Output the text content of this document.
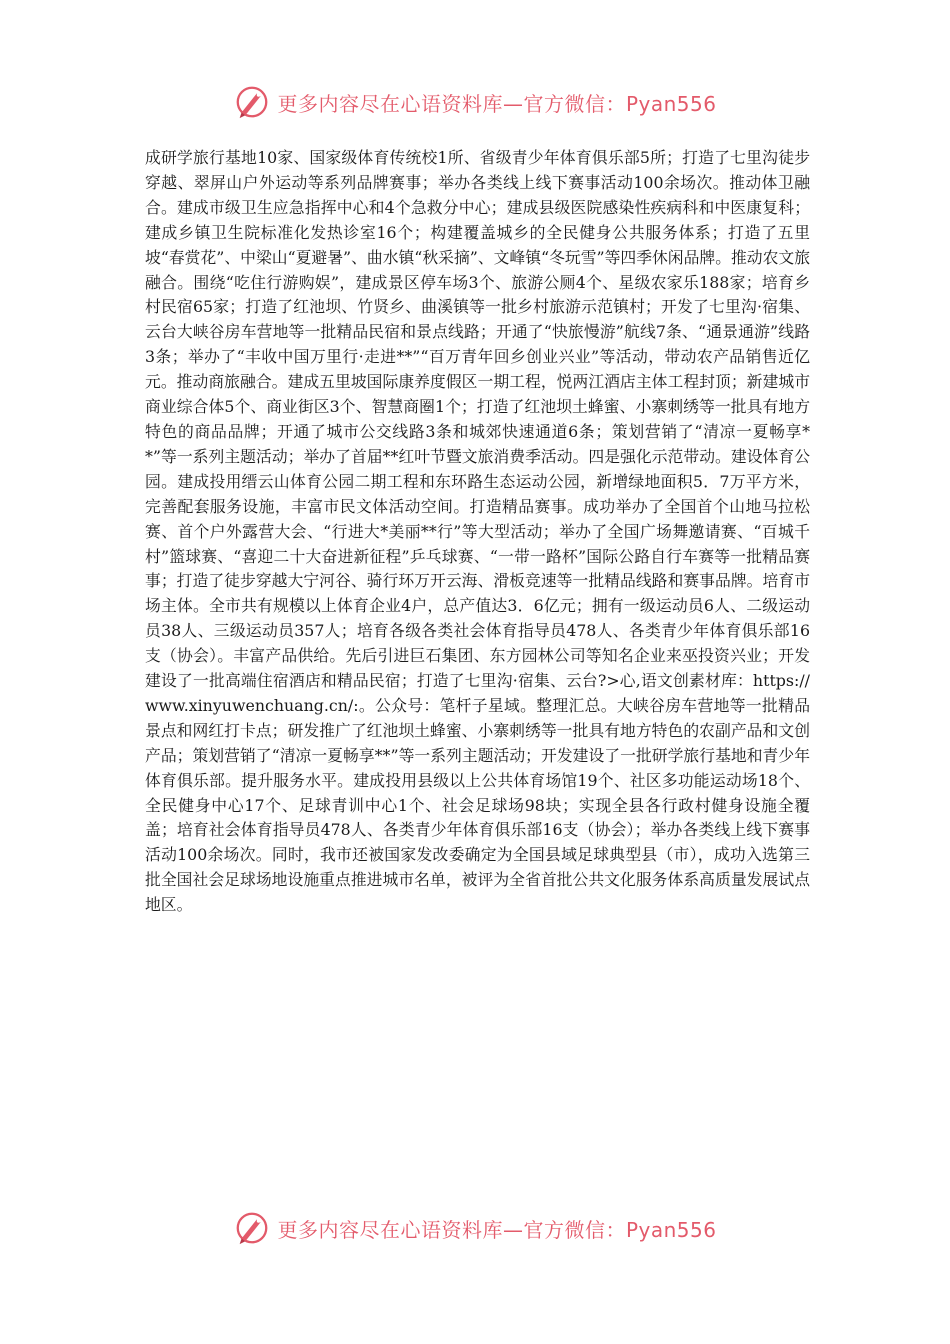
更多内容尽在心语资料库—官方微信：Pyan556

成研学旅行基地10家、国家级体育传统校1所、省级青少年体育俱乐部5所；打造了七里沟徒步穿越、翠屏山户外运动等系列品牌赛事；举办各类线上线下赛事活动100余场次。推动体卫融合。建成市级卫生应急指挥中心和4个急救分中心；建成县级医院感染性疾病科和中医康复科；建成乡镇卫生院标准化发热诊室16个；构建覆盖城乡的全民健身公共服务体系；打造了五里坡“春赏花”、中梁山“夏避暑”、曲水镇“秋采摘”、文峰镇“冬玩雪”等四季休闲品牌。推动农文旅融合。围绕“吃住行游购娱”，建成景区停车场3个、旅游公厕4个、星级农家乐188家；培育乡村民宿65家；打造了红池坝、竹贤乡、曲溪镇等一批乡村旅游示范镇村；开发了七里沟·宿集、云台大峡谷房车营地等一批精品民宿和景点线路；开通了“快旅慢游”航线7条、“通景通游”线路3条；举办了“丰收中国万里行·走进**”“百万青年回乡创业兴业”等活动，带动农产品销售近亿元。推动商旅融合。建成五里坡国际康养度假区一期工程，悦两江酒店主体工程封顶；新建城市商业综合体5个、商业街区3个、智慧商圈1个；打造了红池坝土蜂蜜、小寨刺绣等一批具有地方特色的商品品牌；开通了城市公交线路3条和城郊快速通道6条；策划营销了“清凉一夏畅享**”等一系列主题活动；举办了首届**红叶节暨文旅消费季活动。四是强化示范带动。建设体育公园。建成投用缙云山体育公园二期工程和东环路生态运动公园，新增绿地面积5．7万平方米，完善配套服务设施，丰富市民文体活动空间。打造精品赛事。成功举办了全国首个山地马拉松赛、首个户外露营大会、“行进大*美丽**行”等大型活动；举办了全国广场舞邀请赛、“百城千村”篮球赛、“喜迎二十大奋进新征程”乒乓球赛、“一带一路杯”国际公路自行车赛等一批精品赛事；打造了徒步穿越大宁河谷、骑行环万开云海、滑板竞速等一批精品线路和赛事品牌。培育市场主体。全市共有规模以上体育企业4户，总产值达3．6亿元；拥有一级运动员6人、二级运动员38人、三级运动员357人；培育各级各类社会体育指导员478人、各类青少年体育俱乐部16支（协会）。丰富产品供给。先后引进巨石集团、东方园林公司等知名企业来巫投资兴业；开发建设了一批高端住宿酒店和精品民宿；打造了七里沟·宿集、云台?>心,语文创素材库：https://www.xinyuwenchuang.cn/:。公众号：笔杆子星域。整理汇总。大峡谷房车营地等一批精品景点和网红打卡点；研发推广了红池坝土蜂蜜、小寨刺绣等一批具有地方特色的农副产品和文创产品；策划营销了“清凉一夏畅享**”等一系列主题活动；开发建设了一批研学旅行基地和青少年体育俱乐部。提升服务水平。建成投用县级以上公共体育场馆19个、社区多功能运动场18个、全民健身中心17个、足球青训中心1个、社会足球场98块；实现全县各行政村健身设施全覆盖；培育社会体育指导员478人、各类青少年体育俱乐部16支（协会）；举办各类线上线下赛事活动100余场次。同时，我市还被国家发改委确定为全国县域足球典型县（市），成功入选第三批全国社会足球场地设施重点推进城市名单，被评为全省首批公共文化服务体系高质量发展试点地区。

更多内容尽在心语资料库—官方微信：Pyan556
